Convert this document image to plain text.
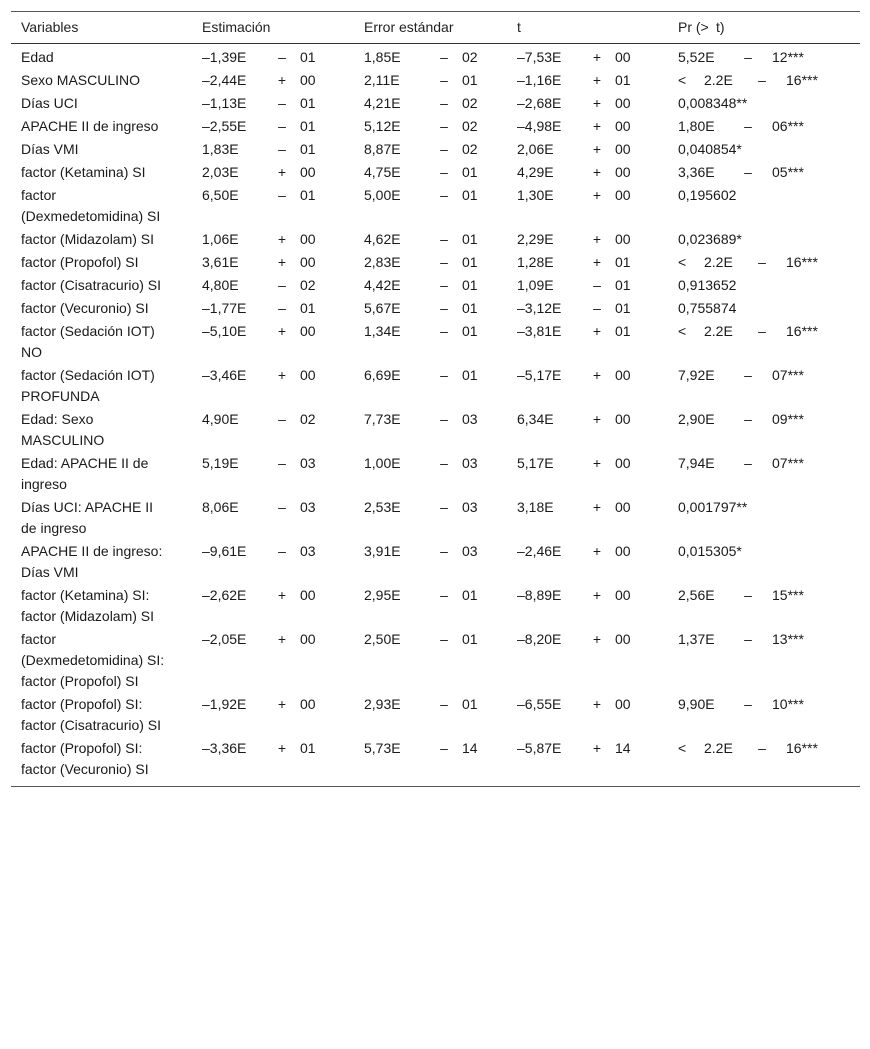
Variables	Estimación	Error estándar	t	Pr (> t)

Edad	–1,39E – 01	1,85E – 02	–7,53E + 00	5,52E – 12***

Sexo MASCULINO	–2,44E + 00	2,11E – 01	–1,16E + 01	< 2.2E – 16***

Días UCI	–1,13E – 01	4,21E – 02	–2,68E + 00	0,008348**

APACHE II de ingreso	–2,55E – 01	5,12E – 02	–4,98E + 00	1,80E – 06***

Días VMI	1,83E – 01	8,87E – 02	2,06E + 00	0,040854*

factor (Ketamina) SI	2,03E + 00	4,75E – 01	4,29E + 00	3,36E – 05***

factor (Dexmedetomidina) SI	6,50E – 01	5,00E – 01	1,30E + 00	0,195602

factor (Midazolam) SI	1,06E + 00	4,62E – 01	2,29E + 00	0,023689*

factor (Propofol) SI	3,61E + 00	2,83E – 01	1,28E + 01	< 2.2E – 16***

factor (Cisatracurio) SI	4,80E – 02	4,42E – 01	1,09E – 01	0,913652

factor (Vecuronio) SI	–1,77E – 01	5,67E – 01	–3,12E – 01	0,755874

factor (Sedación IOT) NO	–5,10E + 00	1,34E – 01	–3,81E + 01	< 2.2E – 16***

factor (Sedación IOT) PROFUNDA	–3,46E + 00	6,69E – 01	–5,17E + 00	7,92E – 07***

Edad: Sexo MASCULINO	4,90E – 02	7,73E – 03	6,34E + 00	2,90E – 09***

Edad: APACHE II de ingreso	5,19E – 03	1,00E – 03	5,17E + 00	7,94E – 07***

Días UCI: APACHE II de ingreso	8,06E – 03	2,53E – 03	3,18E + 00	0,001797**

APACHE II de ingreso: Días VMI	–9,61E – 03	3,91E – 03	–2,46E + 00	0,015305*

factor (Ketamina) SI: factor (Midazolam) SI	–2,62E + 00	2,95E – 01	–8,89E + 00	2,56E – 15***

factor (Dexmedetomidina) SI: factor (Propofol) SI	–2,05E + 00	2,50E – 01	–8,20E + 00	1,37E – 13***

factor (Propofol) SI: factor (Cisatracurio) SI	–1,92E + 00	2,93E – 01	–6,55E + 00	9,90E – 10***

factor (Propofol) SI: factor (Vecuronio) SI	–3,36E + 01	5,73E – 14	–5,87E + 14	< 2.2E – 16***
